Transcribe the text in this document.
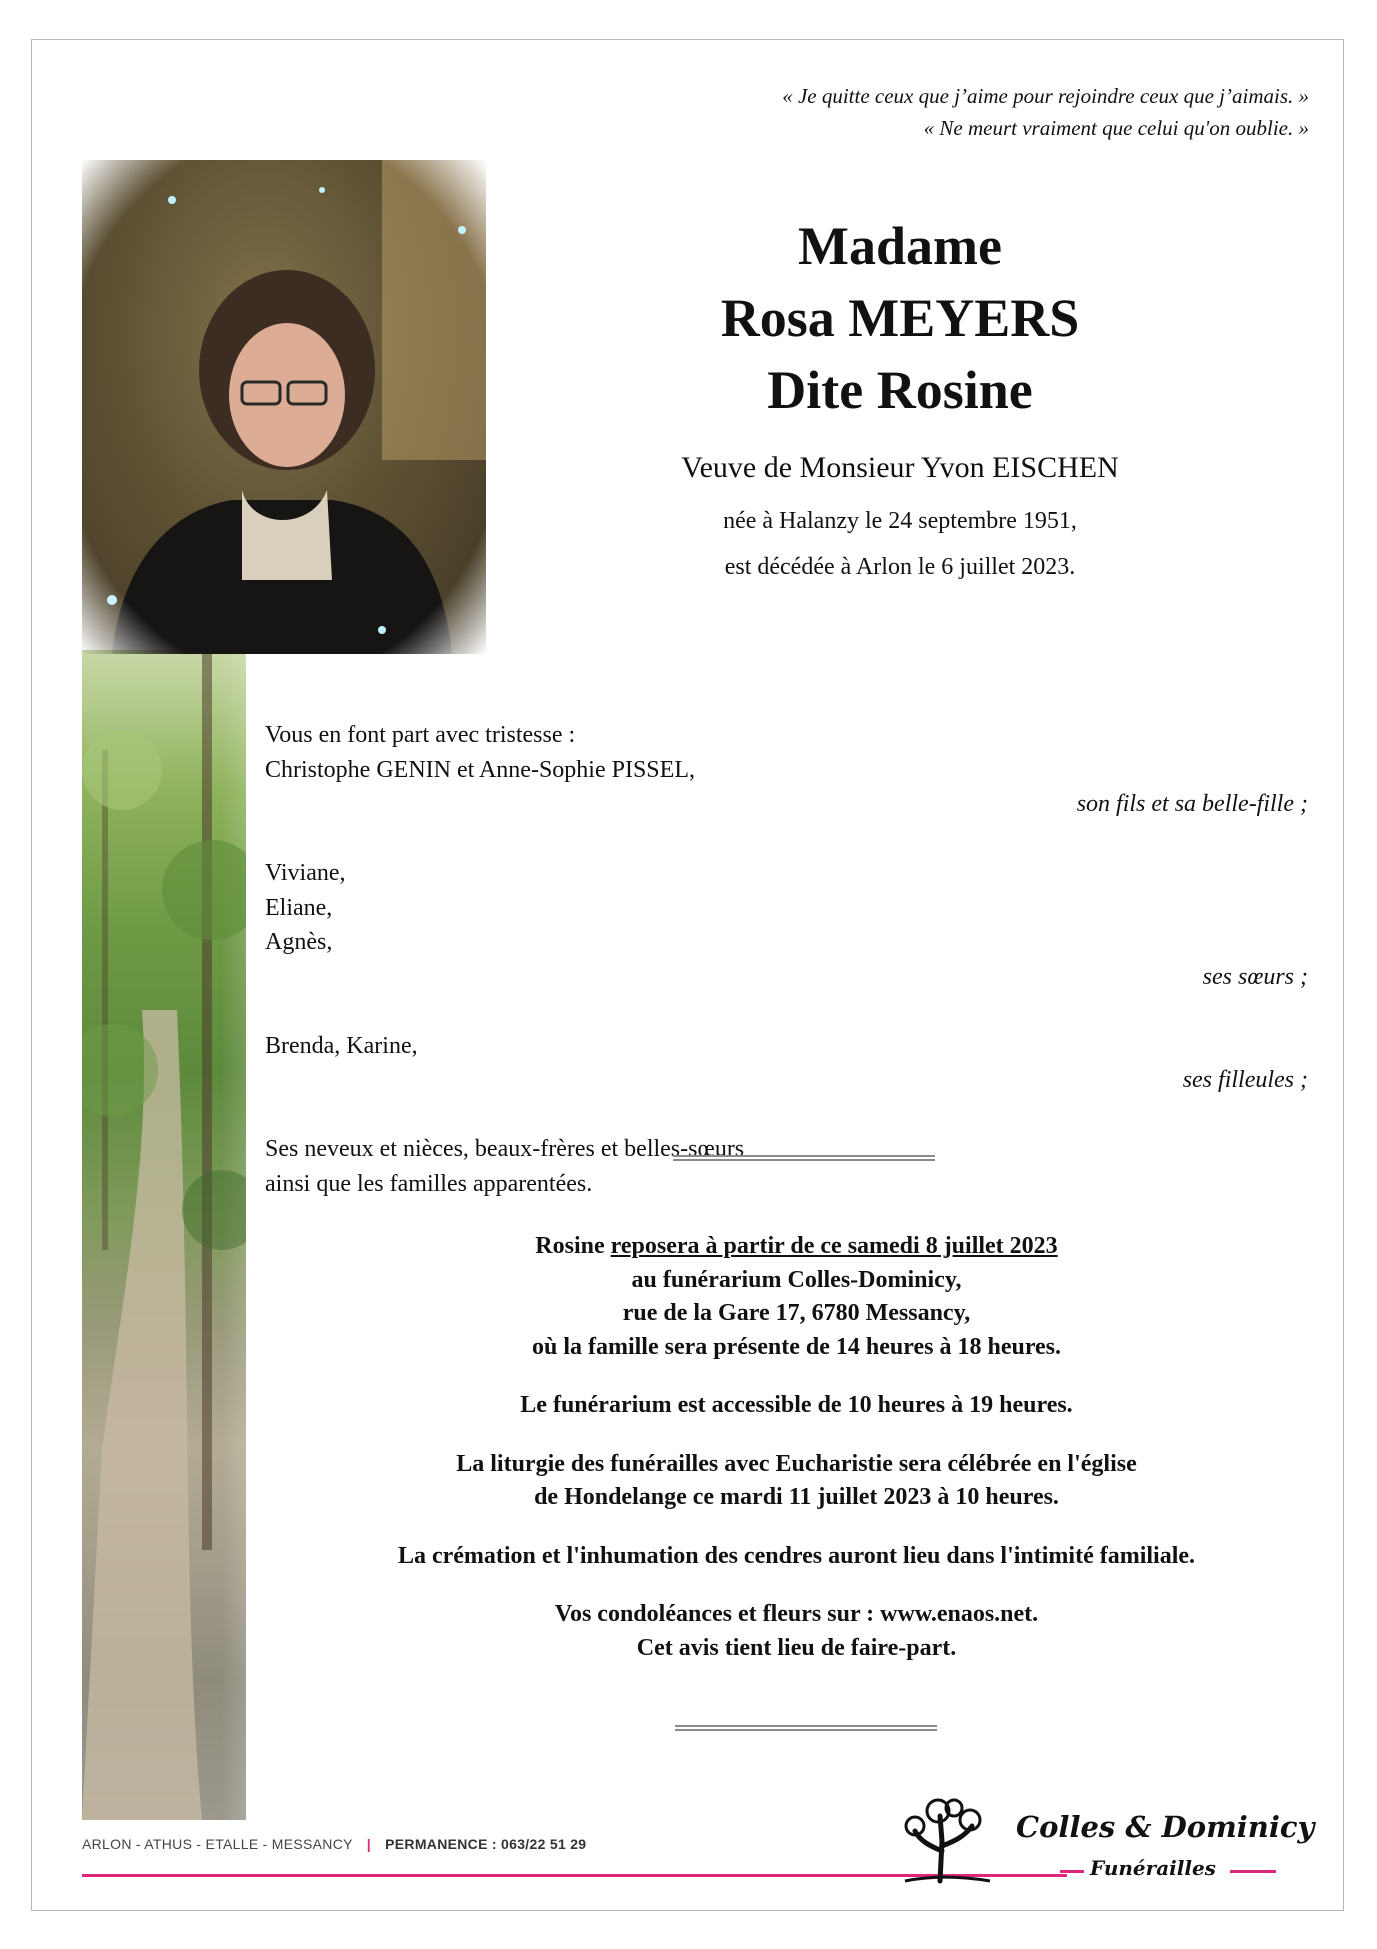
« Je quitte ceux que j’aime pour rejoindre ceux que j’aimais. »
« Ne meurt vraiment que celui qu'on oublie. »
Madame
Rosa MEYERS
Dite Rosine
Veuve de Monsieur Yvon EISCHEN
née à Halanzy le 24 septembre 1951,
est décédée à Arlon le 6 juillet 2023.
Vous en font part avec tristesse :
Christophe GENIN et Anne-Sophie PISSEL,
son fils et sa belle-fille ;
Viviane,
Eliane,
Agnès,
ses sœurs ;
Brenda, Karine,
ses filleules ;
Ses neveux et nièces, beaux-frères et belles-sœurs
ainsi que les familles apparentées.

Rosine reposera à partir de ce samedi 8 juillet 2023
au funérarium Colles-Dominicy,
rue de la Gare 17, 6780 Messancy,
où la famille sera présente de 14 heures à 18 heures.

Le funérarium est accessible de 10 heures à 19 heures.

La liturgie des funérailles avec Eucharistie sera célébrée en l'église
de Hondelange ce mardi 11 juillet 2023 à 10 heures.

La crémation et l'inhumation des cendres auront lieu dans l'intimité familiale.

Vos condoléances et fleurs sur : www.enaos.net.
Cet avis tient lieu de faire-part.

ARLON - ATHUS - ETALLE - MESSANCY | PERMANENCE : 063/22 51 29	Colles & Dominicy
Funérailles
